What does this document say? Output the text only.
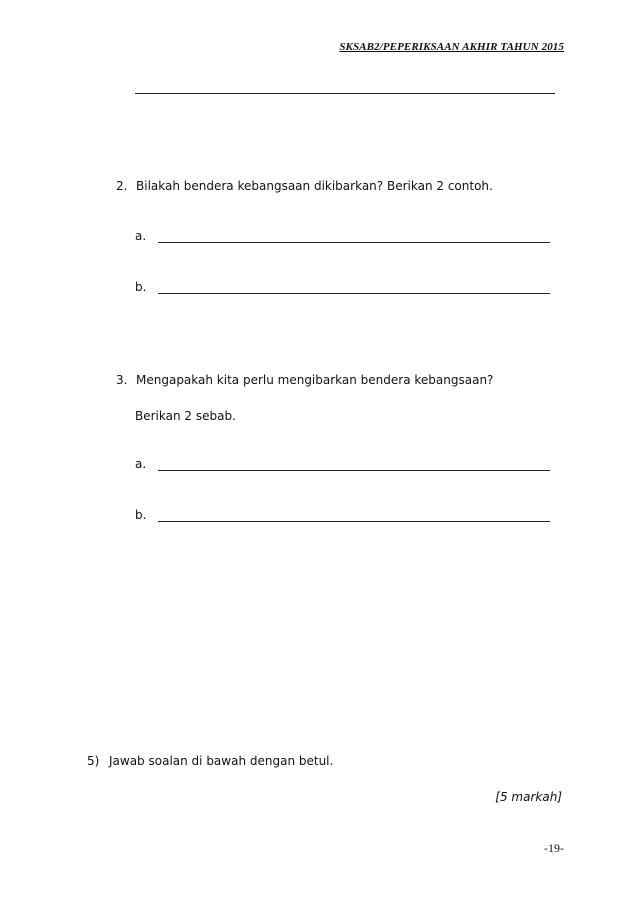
SKSAB2/PEPERIKSAAN AKHIR TAHUN 2015
2. Bilakah bendera kebangsaan dikibarkan? Berikan 2 contoh.
a.
b.
3. Mengapakah kita perlu mengibarkan bendera kebangsaan?
Berikan 2 sebab.
a.
b.
5) Jawab soalan di bawah dengan betul.
[5 markah]
-19-
